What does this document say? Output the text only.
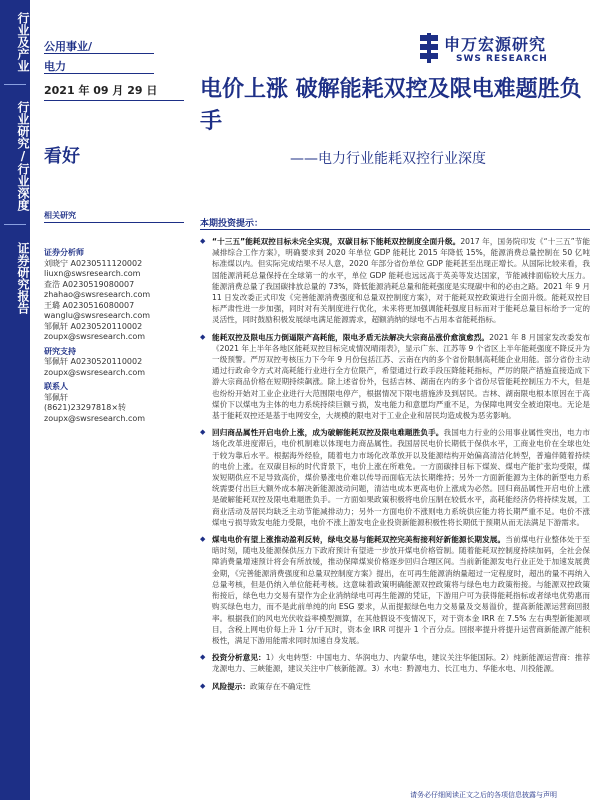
行业及产业
行业研究/行业深度
证券研究报告
公用事业/
电力
申万宏源研究
SWS RESEARCH
2021 年 09 月 29 日 电价上涨 破解能耗双控及限电难题胜负手
——电力行业能耗双控行业深度
看好
相关研究
证券分析师
刘晓宁 A0230511120002
liuxn@swsresearch.com
查浩 A0230519080007
zhahao@swsresearch.com
王璐 A0230516080007
wanglu@swsresearch.com
邹佩轩 A0230520110002
zoupx@swsresearch.com
研究支持
邹佩轩 A0230520110002
zoupx@swsresearch.com
联系人
邹佩轩
(8621)23297818×转
zoupx@swsresearch.com
本期投资提示：
◆ “十三五”能耗双控目标未完全实现，双碳目标下能耗双控制度全面升级。2017 年，国务院印发《“十三五”节能减排综合工作方案》，明确要求到 2020 年单位 GDP 能耗比 2015 年降低 15%，能源消费总量控制在 50 亿吨标准煤以内。但实际完成结果不尽人意，2020 年部分省份单位 GDP 能耗甚至出现正增长。从国际比较来看，我国能源消耗总量保持在全球第一的水平，单位 GDP 能耗也远远高于英美等发达国家，节能减排面临较大压力。能源消费总量了我国碳排放总量的 73%，降低能源消耗总量和能耗强度是实现碳中和的必由之路。2021 年 9 月 11 日发改委正式印发《完善能源消费强度和总量双控制度方案》，对于能耗双控政策进行全面升级。能耗双控目标严肃性进一步加强，同时对有关制度进行优化，未来将更加强调能耗强度目标而对于能耗总量目标给予一定的灵活性，同时鼓励积极发展绿电满足能源需求，超额消纳的绿电不占用本省能耗指标。
◆ 能耗双控及限电压力倒逼限产高耗能，限电矛盾无法解决大宗商品涨价愈演愈烈。2021 年 8 月国家发改委发布《2021 年上半年各地区能耗双控目标完成情况晴雨表》，显示广东、江苏等 9 个省区上半年能耗强度不降反升为一级预警。严厉双控考核压力下今年 9 月份包括江苏、云南在内的多个省份限制高耗能企业用能。部分省份主动通过行政命令方式对高耗能行业进行全方位限产，希望通过行政手段压降能耗指标，严厉的限产措施直接造成下游大宗商品价格在短期持续飙涨。除上述省份外，包括吉林、湖南在内的多个省份尽管能耗控制压力不大，但是也纷纷开始对工业企业进行大范围限电停产，根据情况下限电措施涉及到居民。吉林、湖南限电根本原因在于高煤价下以煤电为主体的电力系统持续巨额亏损，发电能力和意愿均严重不足，为保障电网安全被迫限电。无论是基于能耗双控还是基于电网安全，大规模的限电对于工业企业和居民均造成极为恶劣影响。
◆ 回归商品属性开启电价上涨，成为破解能耗双控及限电难题胜负手。我国电力行业的公用事业属性突出，电力市场化改革进度滞后，电价机制难以体现电力商品属性。我国居民电价长期低于保供水平，工商业电价在全球也处于较为靠后水平。根据海外经验，随着电力市场化改革放开以及能源结构开始偏高清洁化转型，普遍伴随着持续的电价上涨。在双碳目标的时代背景下，电价上涨在所难免。一方面碳排目标下煤炭、煤电产能扩张均受限，煤炭短期供应不足导致高价，煤价暴涨电价难以传导而面临无法长期维持；另外一方面新能源为主体的新型电力系统需要付出巨大额外成本解决新能源波动问题，清洁电成本更高电价上涨成为必然。回归商品属性开启电价上涨是破解能耗双控及限电难题胜负手。一方面如果政策积极将电价压制在较低水平，高耗能经济仍将持续发展，工商业活动及居民均缺乏主动节能减排动力；另外一方面电价不涨则电力系统供应能力将长期严重不足。电价不涨煤电亏损导致发电能力受限，电价不涨上游发电企业投资新能源积极性将长期低于预期从而无法满足下游需求。
◆ 煤电电价有望上涨推动盈利反转，绿电交易与能耗双控完美衔接利好新能源长期发展。当前煤电行业整体处于至暗时刻，随电及能源保供压力下政府预计有望进一步放开煤电价格管制。随着能耗双控制度持续加码，全社会保障消费量增速预计将会有所放缓，推动保障煤炭价格逐步回归合理区间。当前新能源发电行业正处于加速发展黄金期，《完善能源消费强度和总量双控制度方案》提出，在可再生能源消纳量超过一定程度时，超出的量不再纳入总量考核，但是仍纳入单位能耗考核。这意味着政策明确能源双控政策将与绿色电力政策衔接。与能源双控政策衔接后，绿色电力交易有望作为企业消纳绿电可再生能源的凭证，下游用户可为获得能耗指标或者绿电优势惠而购买绿色电力，而不是此前单纯的向 ESG 要求，从而提振绿色电力交易量及交易溢价，提高新能源运营商回报率。根据我们的风电光伏收益率模型测算，在其他假设不变情况下，对于资本金 IRR 在 7.5% 左右典型新能源项目，含税上网电价每上升 1 分/千瓦时，资本金 IRR 可提升 1 个百分点。回报率提升将提升运营商新能源产能积极性，满足下游用能需求同时加速自身发展。
◆ 投资分析意见：1）火电转型：中国电力、华润电力、内蒙华电，建议关注华能国际。2）纯新能源运营商：推荐龙源电力、三峡能源，建议关注中广核新能源。3）水电：黔源电力、长江电力、华能水电、川投能源。
◆ 风险提示：政策存在不确定性
请务必仔细阅读正文之后的各项信息披露与声明
